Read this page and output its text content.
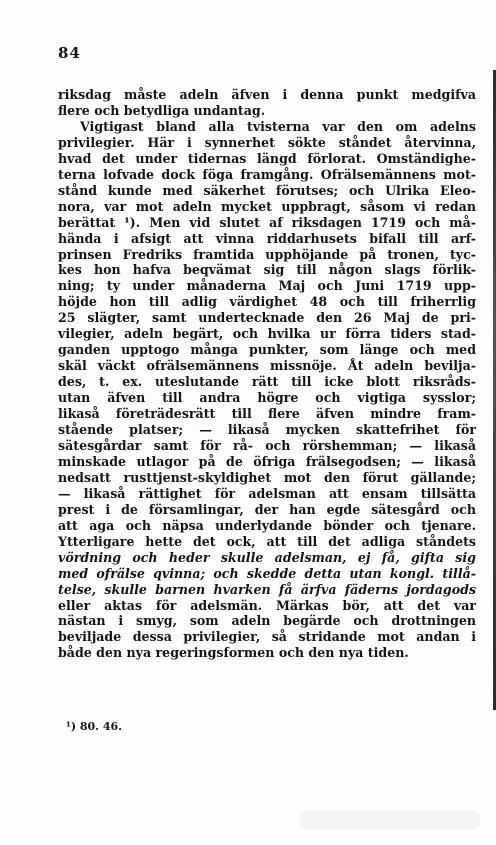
84
riksdag måste adeln äfven i denna punkt medgifva
flere och betydliga undantag.
Vigtigast bland alla tvisterna var den om adelns
privilegier. Här i synnerhet sökte ståndet återvinna,
hvad det under tidernas längd förlorat. Omständighe-
terna lofvade dock föga framgång. Ofrälsemännens mot-
stånd kunde med säkerhet förutses; och Ulrika Eleo-
nora, var mot adeln mycket uppbragt, såsom vi redan
berättat ¹). Men vid slutet af riksdagen 1719 och må-
hända i afsigt att vinna riddarhusets bifall till arf-
prinsen Fredriks framtida upphöjande på tronen, tyc-
kes hon hafva beqvämat sig till någon slags förlik-
ning; ty under månaderna Maj och Juni 1719 upp-
höjde hon till adlig värdighet 48 och till friherrlig
25 slägter, samt undertecknade den 26 Maj de pri-
vilegier, adeln begärt, och hvilka ur förra tiders stad-
ganden upptogo många punkter, som länge och med
skäl väckt ofrälsemännens missnöje. Åt adeln bevilja-
des, t. ex. uteslutande rätt till icke blott riksråds-
utan äfven till andra högre och vigtiga sysslor;
likaså företrädesrätt till flere äfven mindre fram-
stående platser; — likaså mycken skattefrihet för
sätesgårdar samt för rå- och rörshemman; — likaså
minskade utlagor på de öfriga frälsegodsen; — likaså
nedsatt rusttjenst-skyldighet mot den förut gällande;
— likaså rättighet för adelsman att ensam tillsätta
prest i de församlingar, der han egde sätesgård och
att aga och näpsa underlydande bönder och tjenare.
Ytterligare hette det ock, att till det adliga ståndets
vördning och heder skulle adelsman, ej få, gifta sig
med ofrälse qvinna; och skedde detta utan kongl. tillå-
telse, skulle barnen hvarken få ärfva fäderns jordagods
eller aktas för adelsmän. Märkas bör, att det var
nästan i smyg, som adeln begärde och drottningen
beviljade dessa privilegier, så stridande mot andan i
både den nya regeringsformen och den nya tiden.
¹) 80. 46.
